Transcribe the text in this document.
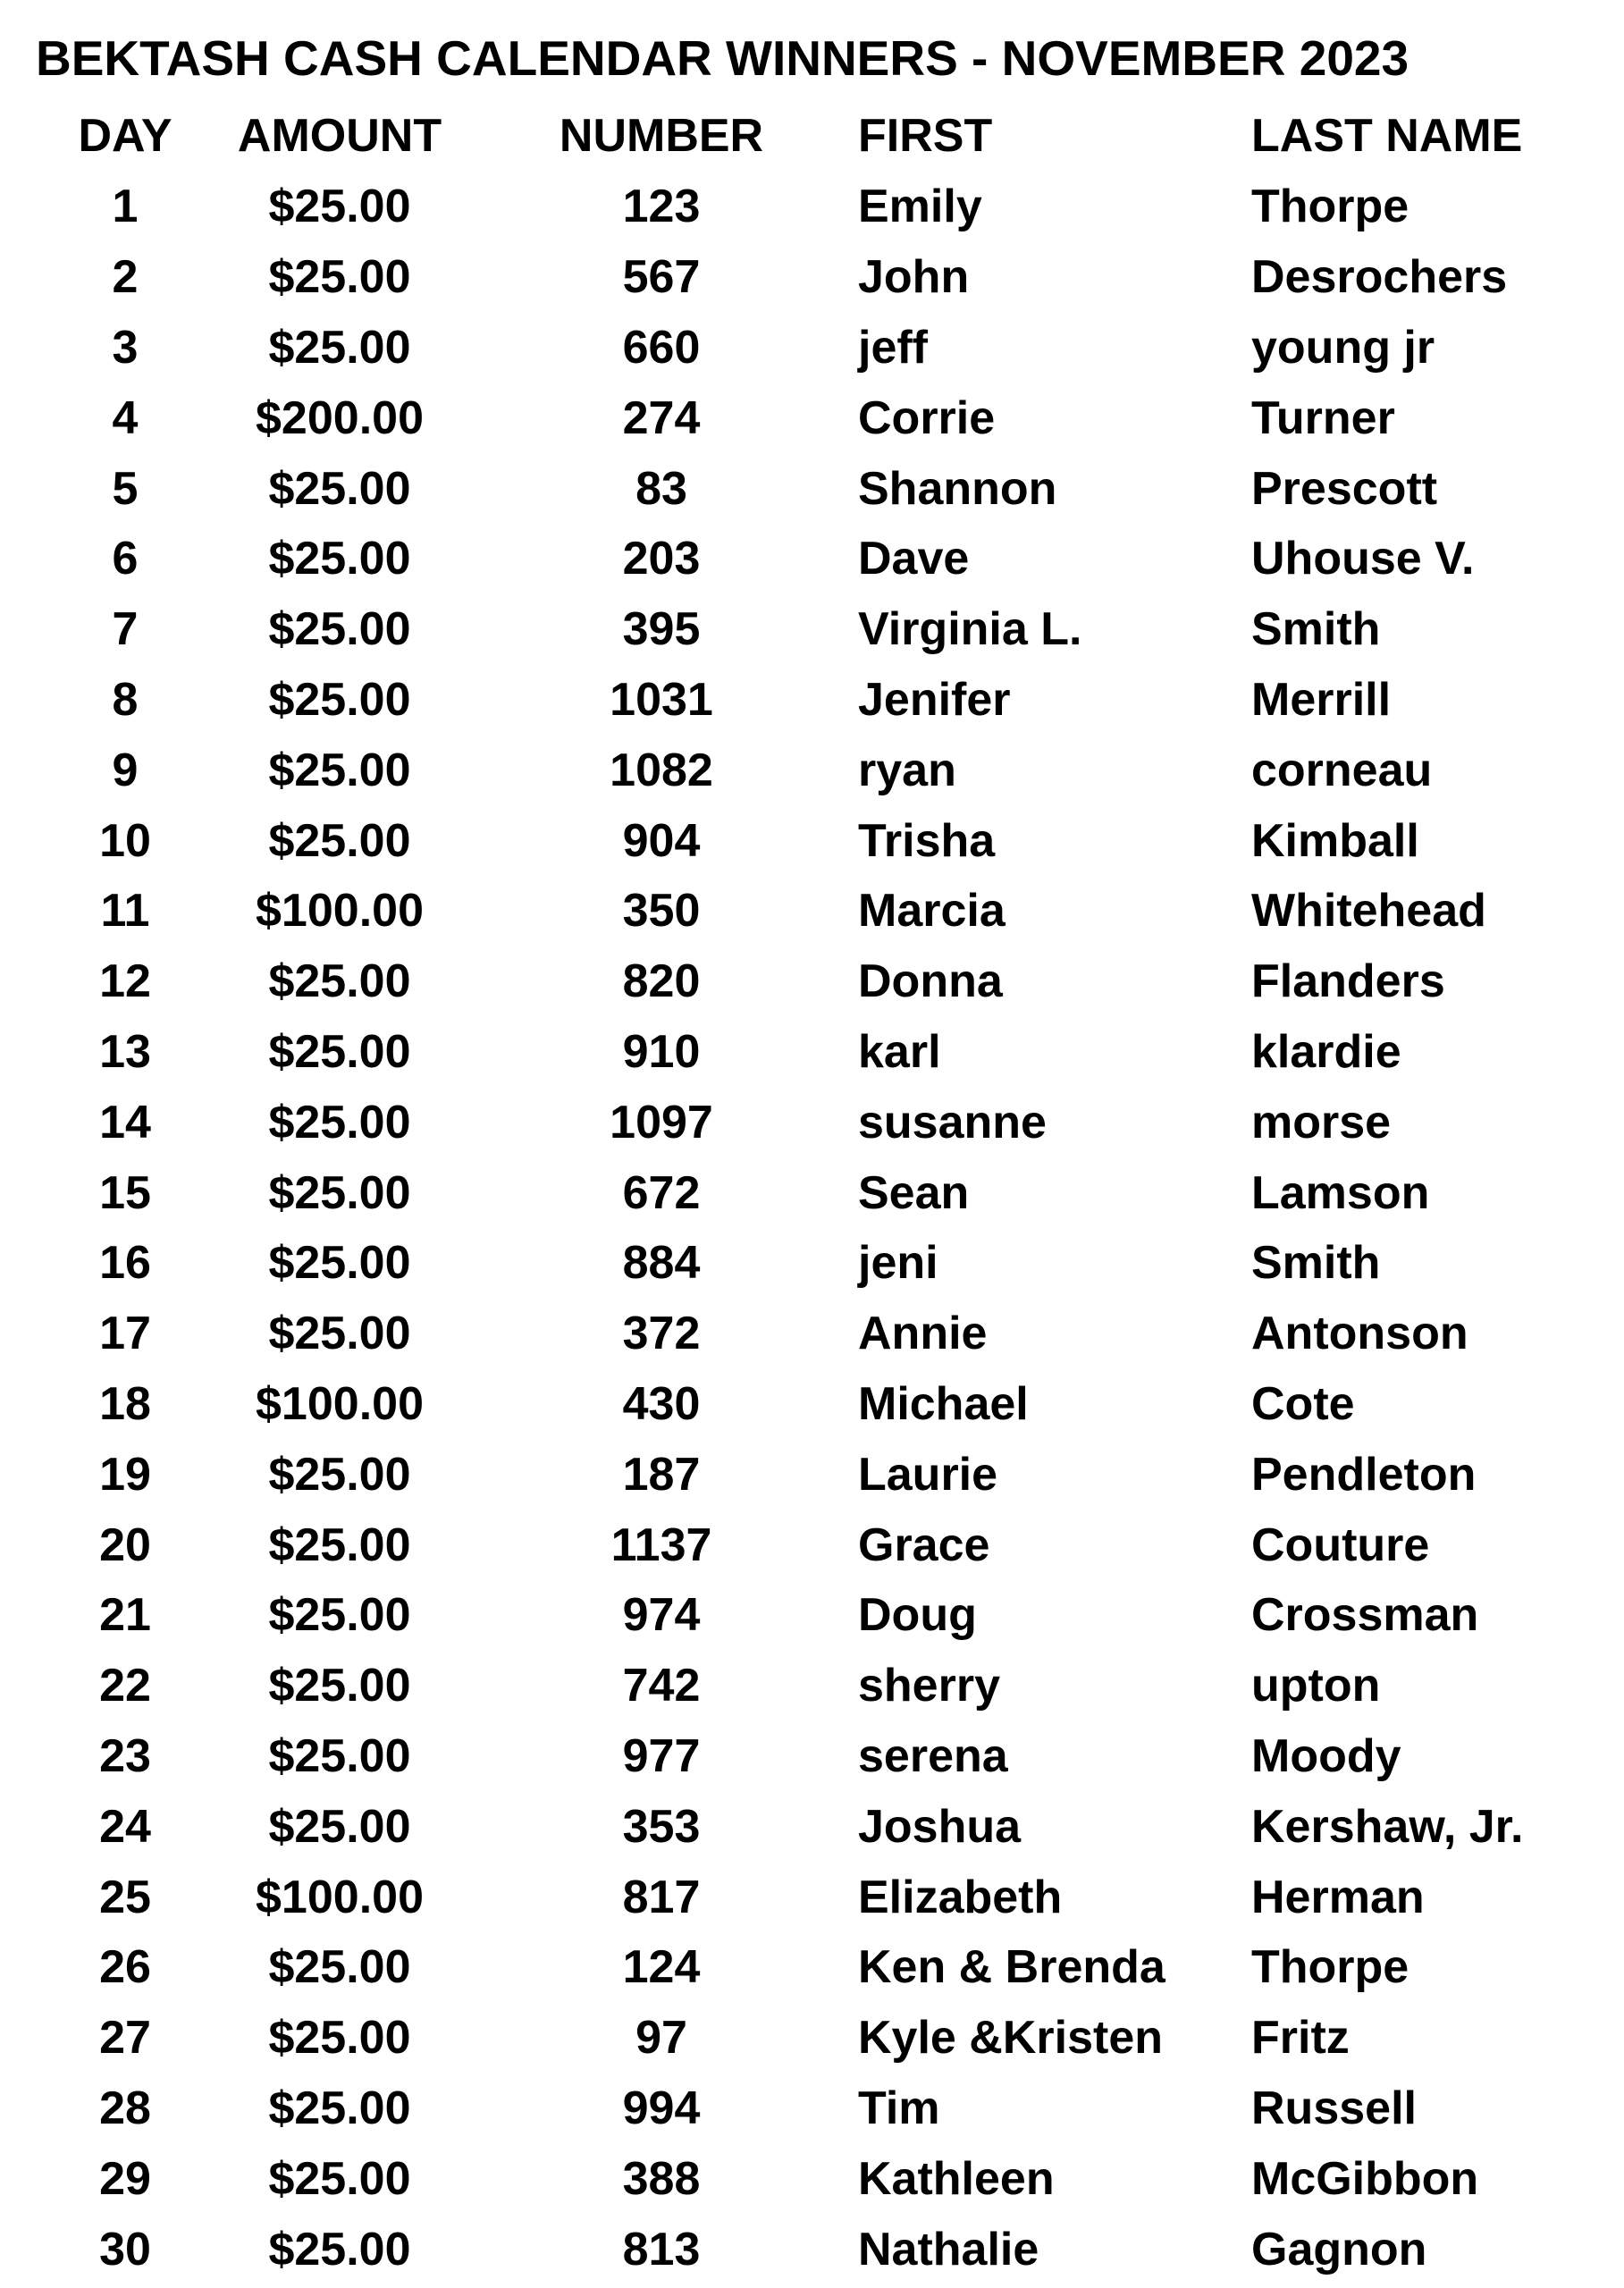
BEKTASH CASH CALENDAR WINNERS - NOVEMBER 2023
DAY	AMOUNT	NUMBER	FIRST	LAST NAME
1	$25.00	123	Emily	Thorpe
2	$25.00	567	John	Desrochers
3	$25.00	660	jeff	young jr
4	$200.00	274	Corrie	Turner
5	$25.00	83	Shannon	Prescott
6	$25.00	203	Dave	Uhouse V.
7	$25.00	395	Virginia L.	Smith
8	$25.00	1031	Jenifer	Merrill
9	$25.00	1082	ryan	corneau
10	$25.00	904	Trisha	Kimball
11	$100.00	350	Marcia	Whitehead
12	$25.00	820	Donna	Flanders
13	$25.00	910	karl	klardie
14	$25.00	1097	susanne	morse
15	$25.00	672	Sean	Lamson
16	$25.00	884	jeni	Smith
17	$25.00	372	Annie	Antonson
18	$100.00	430	Michael	Cote
19	$25.00	187	Laurie	Pendleton
20	$25.00	1137	Grace	Couture
21	$25.00	974	Doug	Crossman
22	$25.00	742	sherry	upton
23	$25.00	977	serena	Moody
24	$25.00	353	Joshua	Kershaw, Jr.
25	$100.00	817	Elizabeth	Herman
26	$25.00	124	Ken & Brenda	Thorpe
27	$25.00	97	Kyle &Kristen	Fritz
28	$25.00	994	Tim	Russell
29	$25.00	388	Kathleen	McGibbon
30	$25.00	813	Nathalie	Gagnon
